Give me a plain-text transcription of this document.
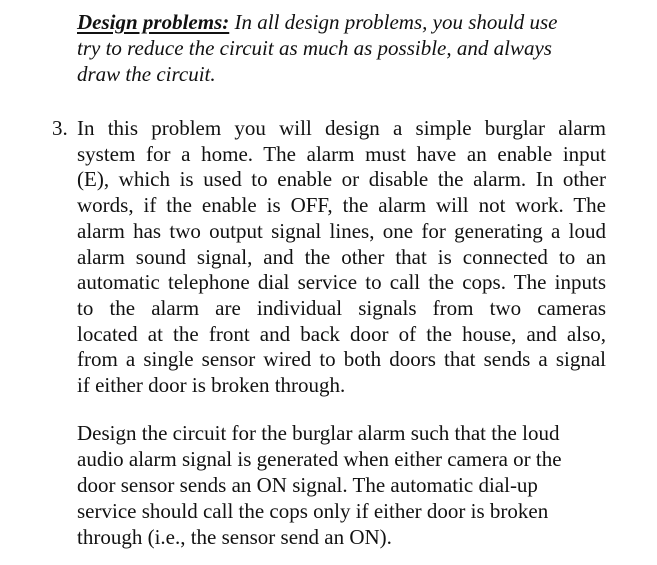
Design problems: In all design problems, you should use
try to reduce the circuit as much as possible, and always
draw the circuit.
3. In this problem you will design a simple burglar alarm
system for a home. The alarm must have an enable input
(E), which is used to enable or disable the alarm. In other
words, if the enable is OFF, the alarm will not work. The
alarm has two output signal lines, one for generating a loud
alarm sound signal, and the other that is connected to an
automatic telephone dial service to call the cops. The inputs
to the alarm are individual signals from two cameras
located at the front and back door of the house, and also,
from a single sensor wired to both doors that sends a signal
if either door is broken through.

Design the circuit for the burglar alarm such that the loud
audio alarm signal is generated when either camera or the
door sensor sends an ON signal. The automatic dial-up
service should call the cops only if either door is broken
through (i.e., the sensor send an ON).
